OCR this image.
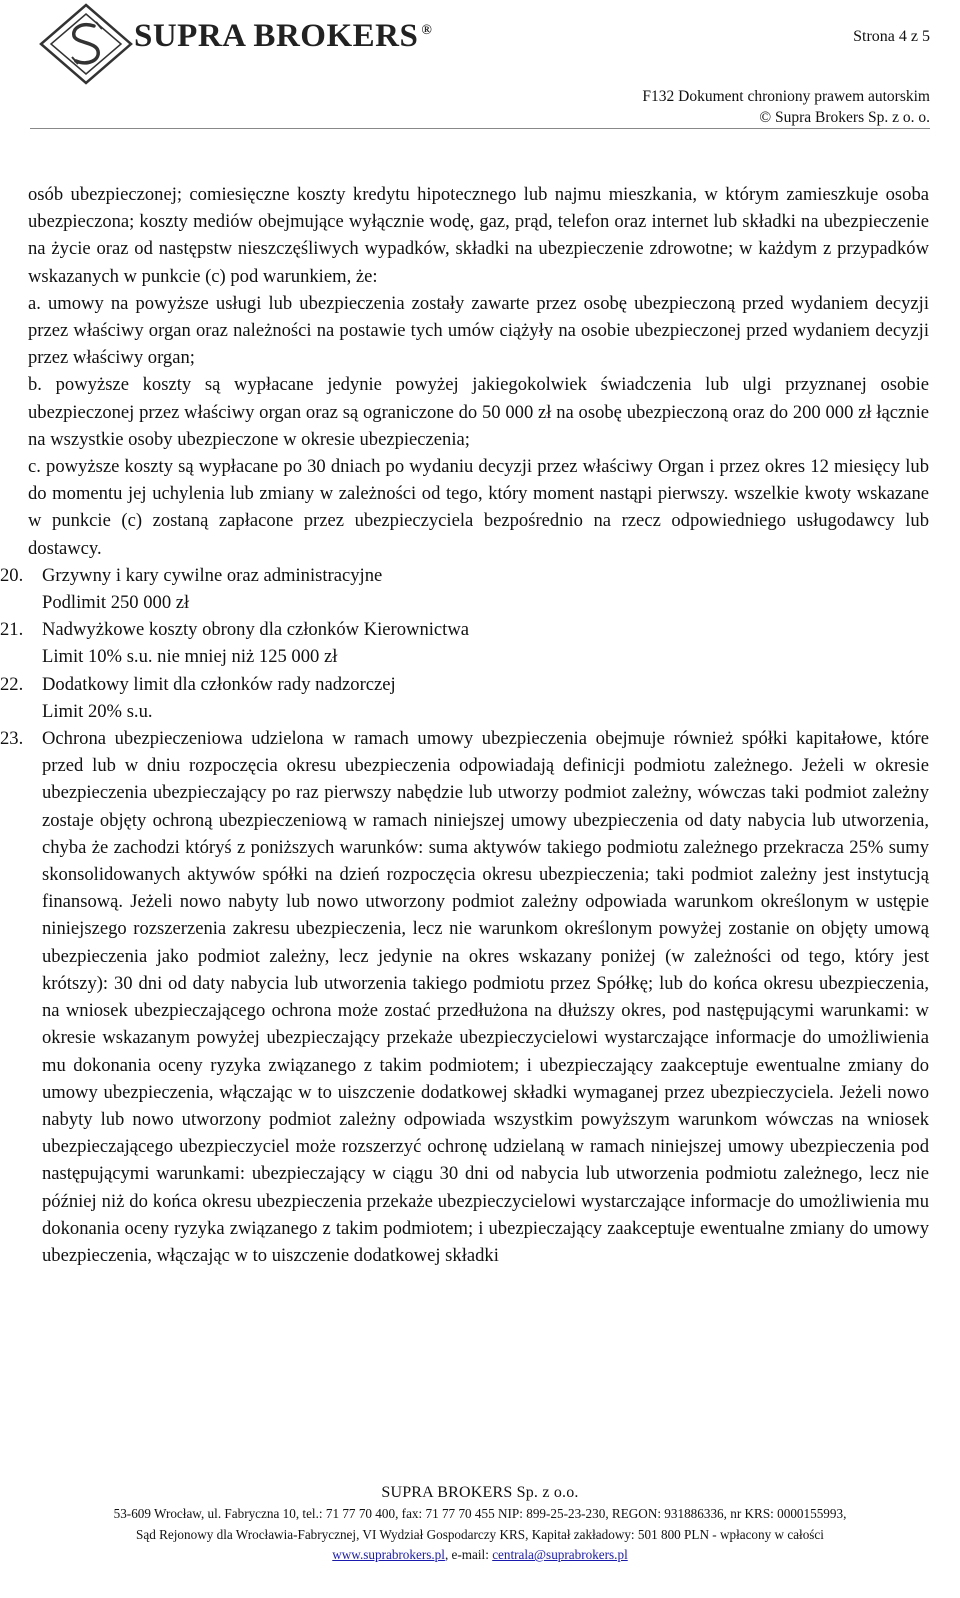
SUPRA BROKERS ®	Strona 4 z 5
F132 Dokument chroniony prawem autorskim
© Supra Brokers Sp. z o. o.

osób ubezpieczonej; comiesięczne koszty kredytu hipotecznego lub najmu mieszkania, w którym zamieszkuje osoba ubezpieczona; koszty mediów obejmujące wyłącznie wodę, gaz, prąd, telefon oraz internet lub składki na ubezpieczenie na życie oraz od następstw nieszczęśliwych wypadków, składki na ubezpieczenie zdrowotne; w każdym z przypadków wskazanych w punkcie (c) pod warunkiem, że:

a. umowy na powyższe usługi lub ubezpieczenia zostały zawarte przez osobę ubezpieczoną przed wydaniem decyzji przez właściwy organ oraz należności na postawie tych umów ciążyły na osobie ubezpieczonej przed wydaniem decyzji przez właściwy organ;

b. powyższe koszty są wypłacane jedynie powyżej jakiegokolwiek świadczenia lub ulgi przyznanej osobie ubezpieczonej przez właściwy organ oraz są ograniczone do 50 000 zł na osobę ubezpieczoną oraz do 200 000 zł łącznie na wszystkie osoby ubezpieczone w okresie ubezpieczenia;

c. powyższe koszty są wypłacane po 30 dniach po wydaniu decyzji przez właściwy Organ i przez okres 12 miesięcy lub do momentu jej uchylenia lub zmiany w zależności od tego, który moment nastąpi pierwszy. wszelkie kwoty wskazane w punkcie (c) zostaną zapłacone przez ubezpieczyciela bezpośrednio na rzecz odpowiedniego usługodawcy lub dostawcy.

20. Grzywny i kary cywilne oraz administracyjne
Podlimit 250 000 zł
21. Nadwyżkowe koszty obrony dla członków Kierownictwa
Limit 10% s.u. nie mniej niż 125 000 zł
22. Dodatkowy limit dla członków rady nadzorczej
Limit 20% s.u.
23. Ochrona ubezpieczeniowa udzielona w ramach umowy ubezpieczenia obejmuje również spółki kapitałowe, które przed lub w dniu rozpoczęcia okresu ubezpieczenia odpowiadają definicji podmiotu zależnego. Jeżeli w okresie ubezpieczenia ubezpieczający po raz pierwszy nabędzie lub utworzy podmiot zależny, wówczas taki podmiot zależny zostaje objęty ochroną ubezpieczeniową w ramach niniejszej umowy ubezpieczenia od daty nabycia lub utworzenia, chyba że zachodzi któryś z poniższych warunków: suma aktywów takiego podmiotu zależnego przekracza 25% sumy skonsolidowanych aktywów spółki na dzień rozpoczęcia okresu ubezpieczenia; taki podmiot zależny jest instytucją finansową. Jeżeli nowo nabyty lub nowo utworzony podmiot zależny odpowiada warunkom określonym w ustępie niniejszego rozszerzenia zakresu ubezpieczenia, lecz nie warunkom określonym powyżej zostanie on objęty umową ubezpieczenia jako podmiot zależny, lecz jedynie na okres wskazany poniżej (w zależności od tego, który jest krótszy): 30 dni od daty nabycia lub utworzenia takiego podmiotu przez Spółkę; lub do końca okresu ubezpieczenia, na wniosek ubezpieczającego ochrona może zostać przedłużona na dłuższy okres, pod następującymi warunkami: w okresie wskazanym powyżej ubezpieczający przekaże ubezpieczycielowi wystarczające informacje do umożliwienia mu dokonania oceny ryzyka związanego z takim podmiotem; i ubezpieczający zaakceptuje ewentualne zmiany do umowy ubezpieczenia, włączając w to uiszczenie dodatkowej składki wymaganej przez ubezpieczyciela. Jeżeli nowo nabyty lub nowo utworzony podmiot zależny odpowiada wszystkim powyższym warunkom wówczas na wniosek ubezpieczającego ubezpieczyciel może rozszerzyć ochronę udzielaną w ramach niniejszej umowy ubezpieczenia pod następującymi warunkami: ubezpieczający w ciągu 30 dni od nabycia lub utworzenia podmiotu zależnego, lecz nie później niż do końca okresu ubezpieczenia przekaże ubezpieczycielowi wystarczające informacje do umożliwienia mu dokonania oceny ryzyka związanego z takim podmiotem; i ubezpieczający zaakceptuje ewentualne zmiany do umowy ubezpieczenia, włączając w to uiszczenie dodatkowej składki
SUPRA BROKERS Sp. z o.o.
53-609 Wrocław, ul. Fabryczna 10, tel.: 71 77 70 400, fax: 71 77 70 455 NIP: 899-25-23-230, REGON: 931886336, nr KRS: 0000155993,
Sąd Rejonowy dla Wrocławia-Fabrycznej, VI Wydział Gospodarczy KRS, Kapitał zakładowy: 501 800 PLN - wpłacony w całości
www.suprabrokers.pl, e-mail: centrala@suprabrokers.pl
